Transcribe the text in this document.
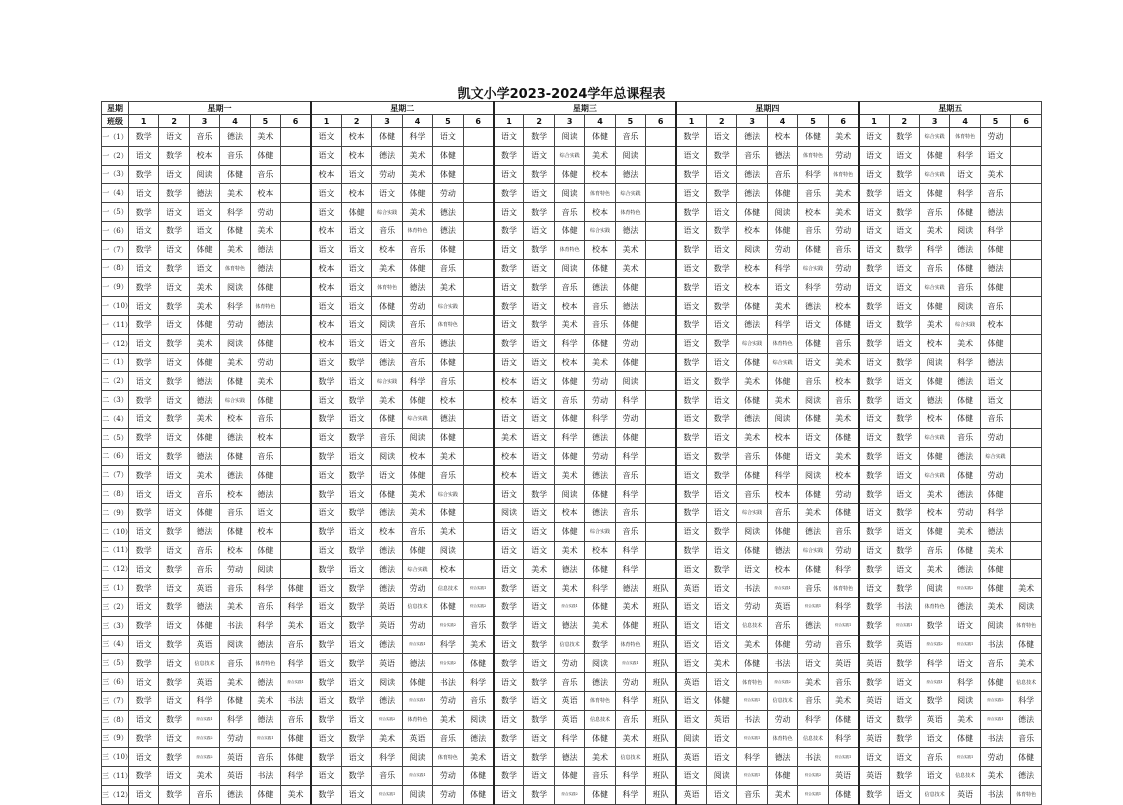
凯文小学2023-2024学年总课程表
星期	星期一						星期二						星期三						星期四						星期五					
班级	1	2	3	4	5	6	1	2	3	4	5	6	1	2	3	4	5	6	1	2	3	4	5	6	1	2	3	4	5	6
一（1）	数学	语文	音乐	德法	美术		语文	校本	体健	科学	语文		语文	数学	阅读	体健	音乐		数学	语文	德法	校本	体健	美术	语文	数学	综合实践	体育特色	劳动	
一（2）	语文	数学	校本	音乐	体健		语文	校本	德法	美术	体健		数学	语文	综合实践	美术	阅读		语文	数学	音乐	德法	体育特色	劳动	语文	语文	体健	科学	语文	
一（3）	数学	语文	阅读	体健	音乐		校本	语文	劳动	美术	体健		语文	数学	体健	校本	德法		数学	语文	德法	音乐	科学	体育特色	语文	数学	综合实践	语文	美术	
一（4）	语文	数学	德法	美术	校本		语文	校本	语文	体健	劳动		数学	语文	阅读	体育特色	综合实践		语文	数学	德法	体健	音乐	美术	数学	语文	体健	科学	音乐	
一（5）	数学	语文	语文	科学	劳动		语文	体健	综合实践	美术	德法		语文	数学	音乐	校本	体育特色		数学	语文	体健	阅读	校本	美术	语文	数学	音乐	体健	德法	
一（6）	语文	数学	语文	体健	美术		校本	语文	音乐	体育特色	德法		数学	语文	体健	综合实践	德法		语文	数学	校本	体健	音乐	劳动	语文	语文	美术	阅读	科学	
一（7）	数学	语文	体健	美术	德法		语文	语文	校本	音乐	体健		语文	数学	体育特色	校本	美术		数学	语文	阅读	劳动	体健	音乐	语文	数学	科学	德法	体健	
一（8）	语文	数学	语文	体育特色	德法		校本	语文	美术	体健	音乐		数学	语文	阅读	体健	美术		语文	数学	校本	科学	综合实践	劳动	数学	语文	音乐	体健	德法	
一（9）	数学	语文	美术	阅读	体健		校本	语文	体育特色	德法	美术		语文	数学	音乐	德法	体健		数学	语文	校本	语文	科学	劳动	语文	语文	综合实践	音乐	体健	
一（10）	语文	数学	美术	科学	体育特色		语文	语文	体健	劳动	综合实践		数学	语文	校本	音乐	德法		语文	数学	体健	美术	德法	校本	数学	语文	体健	阅读	音乐	
一（11）	数学	语文	体健	劳动	德法		校本	语文	阅读	音乐	体育特色		语文	数学	美术	音乐	体健		数学	语文	德法	科学	语文	体健	语文	数学	美术	综合实践	校本	
一（12）	语文	数学	美术	阅读	体健		校本	语文	语文	音乐	德法		数学	语文	科学	体健	劳动		语文	数学	综合实践	体育特色	体健	音乐	数学	语文	校本	美术	体健	
二（1）	数学	语文	体健	美术	劳动		语文	数学	德法	音乐	体健		语文	语文	校本	美术	体健		数学	语文	体健	综合实践	语文	美术	语文	数学	阅读	科学	德法	
二（2）	语文	数学	德法	体健	美术		数学	语文	综合实践	科学	音乐		校本	语文	体健	劳动	阅读		语文	数学	美术	体健	音乐	校本	数学	语文	体健	德法	语文	
二（3）	数学	语文	德法	综合实践	体健		语文	数学	美术	体健	校本		校本	语文	音乐	劳动	科学		数学	语文	体健	美术	阅读	音乐	数学	语文	德法	体健	语文	
二（4）	语文	数学	美术	校本	音乐		数学	语文	体健	综合实践	德法		语文	语文	体健	科学	劳动		语文	数学	德法	阅读	体健	美术	语文	数学	校本	体健	音乐	
二（5）	数学	语文	体健	德法	校本		语文	数学	音乐	阅读	体健		美术	语文	科学	德法	体健		数学	语文	美术	校本	语文	体健	语文	数学	综合实践	音乐	劳动	
二（6）	语文	数学	德法	体健	音乐		数学	语文	阅读	校本	美术		校本	语文	体健	劳动	科学		语文	数学	音乐	体健	语文	美术	数学	语文	体健	德法	综合实践	
二（7）	数学	语文	美术	德法	体健		语文	数学	语文	体健	音乐		校本	语文	美术	德法	音乐		语文	数学	体健	科学	阅读	校本	数学	语文	综合实践	体健	劳动	
二（8）	语文	语文	音乐	校本	德法		数学	语文	体健	美术	综合实践		语文	数学	阅读	体健	科学		数学	语文	音乐	校本	体健	劳动	数学	语文	美术	德法	体健	
二（9）	数学	语文	体健	音乐	语文		语文	数学	德法	美术	体健		阅读	语文	校本	德法	音乐		数学	语文	综合实践	音乐	美术	体健	语文	数学	校本	劳动	科学	
二（10）	语文	数学	德法	体健	校本		数学	语文	校本	音乐	美术		语文	语文	体健	综合实践	音乐		语文	数学	阅读	体健	德法	音乐	数学	语文	体健	美术	德法	
二（11）	数学	语文	音乐	校本	体健		语文	数学	德法	体健	阅读		语文	语文	美术	校本	科学		数学	语文	体健	德法	综合实践	劳动	语文	数学	音乐	体健	美术	
二（12）	语文	数学	音乐	劳动	阅读		数学	语文	德法	综合实践	校本		语文	美术	德法	体健	科学		语文	数学	语文	校本	体健	科学	数学	语文	美术	德法	体健	
三（1）	数学	语文	英语	音乐	科学	体健	语文	数学	德法	劳动	信息技术	综合实践1	数学	语文	美术	科学	德法	班队	英语	语文	书法	综合实践1	音乐	体育特色	语文	数学	阅读	综合实践2	体健	美术
三（2）	语文	数学	德法	美术	音乐	科学	语文	数学	英语	信息技术	体健	综合实践2	数学	语文	综合实践1	体健	美术	班队	语文	语文	劳动	英语	综合实践1	科学	数学	书法	体育特色	德法	美术	阅读
三（3）	数学	语文	体健	书法	科学	美术	语文	数学	英语	劳动	综合实践2	音乐	数学	语文	德法	美术	体健	班队	语文	语文	信息技术	音乐	德法	综合实践1	数学	综合实践1	数学	语文	阅读	体育特色
三（4）	语文	数学	英语	阅读	德法	音乐	数学	语文	德法	综合实践1	科学	美术	语文	数学	信息技术	数学	体育特色	班队	语文	语文	美术	体健	劳动	音乐	数学	英语	综合实践2	综合实践1	书法	体健
三（5）	数学	语文	信息技术	音乐	体育特色	科学	语文	数学	英语	德法	综合实践2	体健	数学	语文	劳动	阅读	综合实践1	班队	语文	美术	体健	书法	语文	英语	英语	数学	科学	语文	音乐	美术
三（6）	语文	数学	英语	美术	德法	综合实践1	数学	语文	阅读	体健	书法	科学	语文	数学	音乐	德法	劳动	班队	英语	语文	体育特色	综合实践2	美术	音乐	数学	语文	综合实践1	科学	体健	信息技术
三（7）	数学	语文	科学	体健	美术	书法	语文	数学	德法	综合实践1	劳动	音乐	数学	语文	英语	体育特色	科学	班队	语文	体健	综合实践1	信息技术	音乐	美术	英语	语文	数学	阅读	综合实践2	科学
三（8）	语文	数学	综合实践1	科学	德法	音乐	数学	语文	综合实践2	体育特色	美术	阅读	语文	数学	英语	信息技术	音乐	班队	语文	英语	书法	劳动	科学	体健	语文	数学	英语	美术	综合实践1	德法
三（9）	数学	语文	综合实践2	劳动	综合实践1	体健	语文	数学	美术	英语	音乐	德法	数学	语文	科学	体健	美术	班队	阅读	语文	综合实践1	体育特色	信息技术	科学	英语	数学	语文	体健	书法	音乐
三（10）	语文	数学	综合实践2	英语	音乐	体健	数学	语文	科学	阅读	体育特色	美术	语文	数学	德法	美术	信息技术	班队	英语	语文	科学	德法	书法	综合实践1	语文	语文	音乐	综合实践1	劳动	体健
三（11）	数学	语文	美术	英语	书法	科学	语文	数学	音乐	综合实践1	劳动	体健	数学	语文	体健	音乐	科学	班队	语文	阅读	综合实践1	体健	综合实践2	英语	英语	数学	语文	信息技术	美术	德法
三（12）	语文	数学	音乐	德法	体健	美术	数学	语文	综合实践1	阅读	劳动	体健	语文	数学	综合实践2	体健	科学	班队	英语	语文	音乐	美术	综合实践1	体健	数学	语文	信息技术	英语	书法	体育特色
